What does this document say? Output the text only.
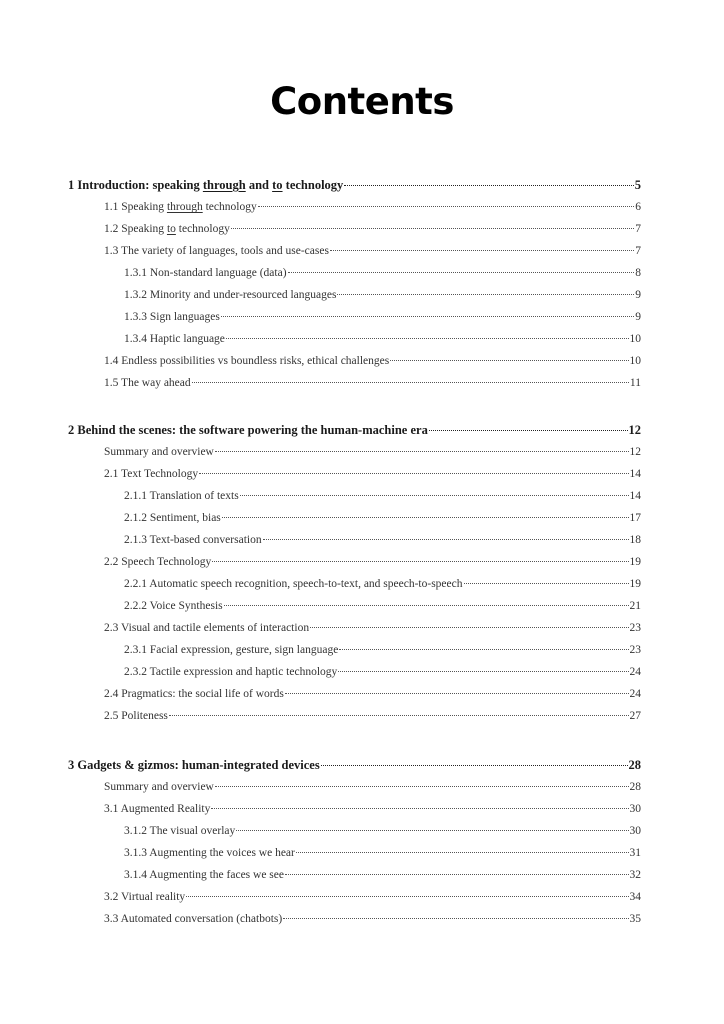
Contents
1 Introduction: speaking through and to technology	5
1.1 Speaking through technology	6
1.2 Speaking to technology	7
1.3 The variety of languages, tools and use-cases	7
1.3.1 Non-standard language (data)	8
1.3.2 Minority and under-resourced languages	9
1.3.3 Sign languages	9
1.3.4 Haptic language	10
1.4 Endless possibilities vs boundless risks, ethical challenges	10
1.5 The way ahead	11
2 Behind the scenes: the software powering the human-machine era	12
Summary and overview	12
2.1 Text Technology	14
2.1.1 Translation of texts	14
2.1.2 Sentiment, bias	17
2.1.3 Text-based conversation	18
2.2 Speech Technology	19
2.2.1 Automatic speech recognition, speech-to-text, and speech-to-speech	19
2.2.2 Voice Synthesis	21
2.3 Visual and tactile elements of interaction	23
2.3.1 Facial expression, gesture, sign language	23
2.3.2 Tactile expression and haptic technology	24
2.4 Pragmatics: the social life of words	24
2.5 Politeness	27
3 Gadgets & gizmos: human-integrated devices	28
Summary and overview	28
3.1 Augmented Reality	30
3.1.2 The visual overlay	30
3.1.3 Augmenting the voices we hear	31
3.1.4 Augmenting the faces we see	32
3.2 Virtual reality	34
3.3 Automated conversation (chatbots)	35
